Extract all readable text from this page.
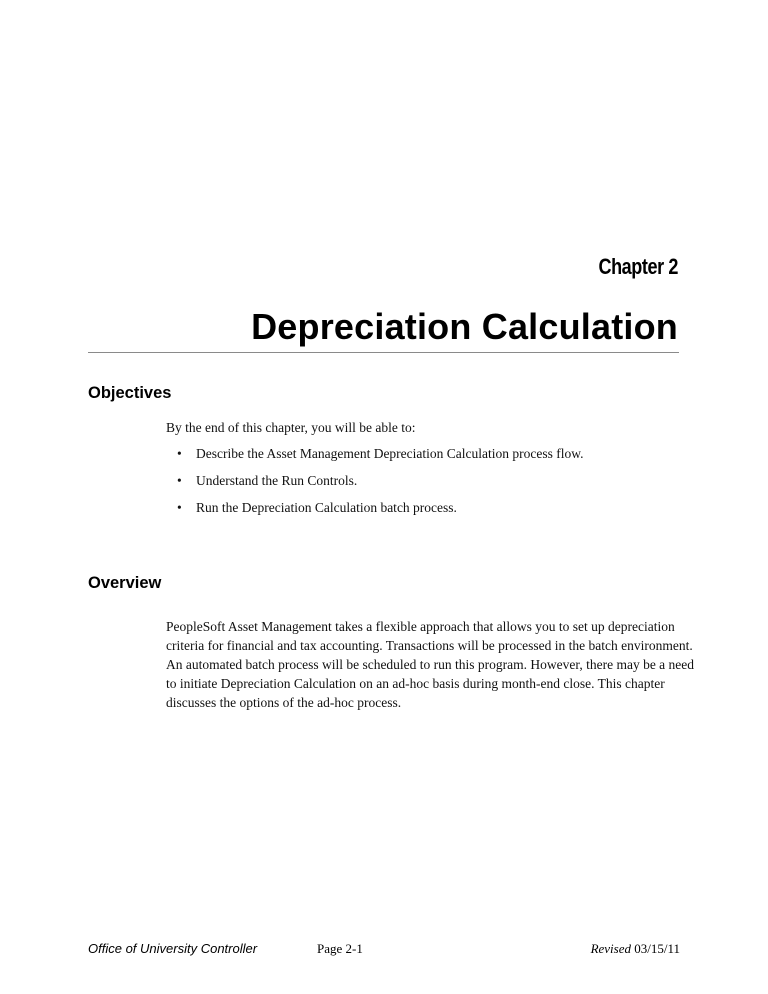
Chapter 2
Depreciation Calculation
Objectives
By the end of this chapter, you will be able to:
• Describe the Asset Management Depreciation Calculation process flow.
• Understand the Run Controls.
• Run the Depreciation Calculation batch process.
Overview
PeopleSoft Asset Management takes a flexible approach that allows you to set up depreciation criteria for financial and tax accounting. Transactions will be processed in the batch environment. An automated batch process will be scheduled to run this program. However, there may be a need to initiate Depreciation Calculation on an ad-hoc basis during month-end close. This chapter discusses the options of the ad-hoc process.
Office of University Controller	Page 2-1	Revised 03/15/11
